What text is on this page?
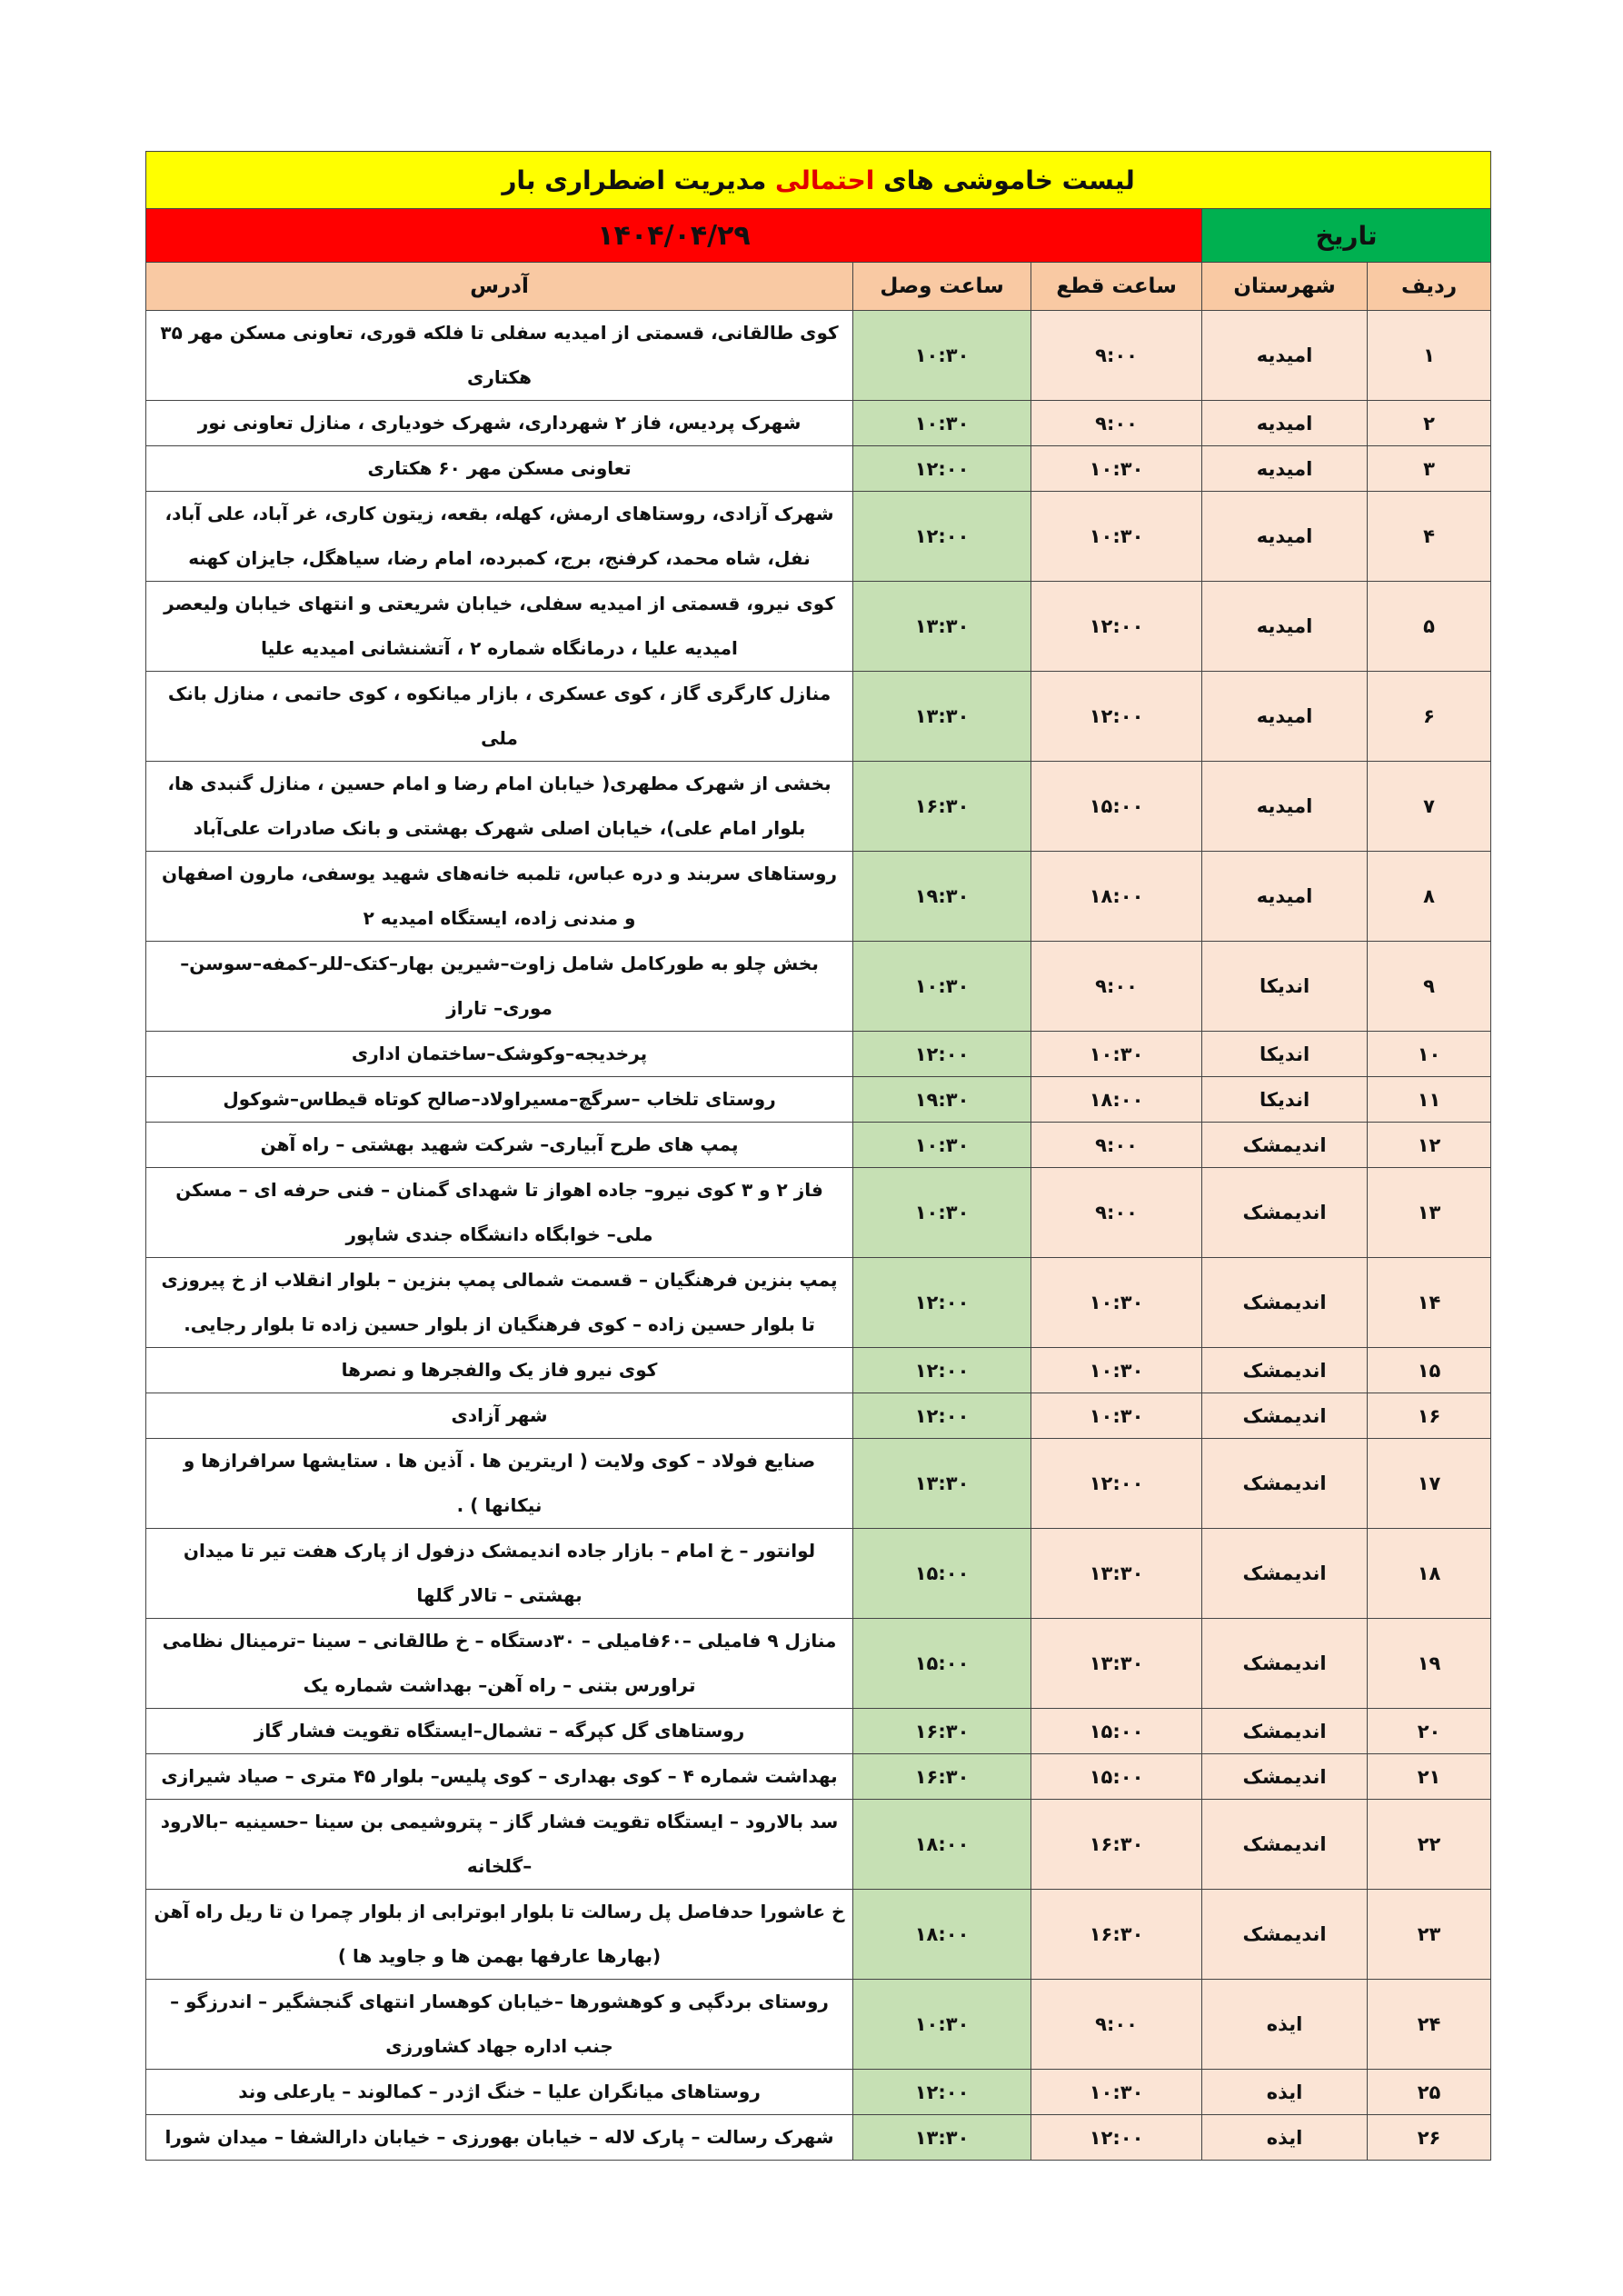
لیست خاموشی های احتمالی مدیریت اضطراری بار				
تاریخ		۱۴۰۴/۰۴/۲۹		
ردیف	شهرستان	ساعت قطع	ساعت وصل	آدرس
۱	امیدیه	۹:۰۰	۱۰:۳۰	کوی طالقانی، قسمتی از امیدیه سفلی تا فلکه قوری، تعاونی مسکن مهر ۳۵ هکتاری
۲	امیدیه	۹:۰۰	۱۰:۳۰	شهرک پردیس، فاز ۲ شهرداری، شهرک خودیاری ، منازل تعاونی نور
۳	امیدیه	۱۰:۳۰	۱۲:۰۰	تعاونی مسکن مهر ۶۰ هکتاری
۴	امیدیه	۱۰:۳۰	۱۲:۰۰	شهرک آزادی، روستاهای ارمش، کهله، بقعه، زیتون کاری، غر آباد، علی آباد، نفل، شاه محمد، کرفنج، برج، کمبرده، امام رضا، سیاهگل، جایزان کهنه
۵	امیدیه	۱۲:۰۰	۱۳:۳۰	کوی نیرو، قسمتی از امیدیه سفلی، خیابان شریعتی و انتهای خیابان ولیعصر امیدیه علیا ، درمانگاه شماره ۲ ، آتشنشانی امیدیه علیا
۶	امیدیه	۱۲:۰۰	۱۳:۳۰	منازل کارگری گاز ، کوی عسکری ، بازار میانکوه ، کوی حاتمی ، منازل بانک ملی
۷	امیدیه	۱۵:۰۰	۱۶:۳۰	بخشی از شهرک مطهری( خیابان امام رضا و امام حسین ، منازل گنبدی ها، بلوار امام علی)، خیابان اصلی شهرک بهشتی و بانک صادرات علی‌آباد
۸	امیدیه	۱۸:۰۰	۱۹:۳۰	روستاهای سربند و دره عباس، تلمبه خانه‌های شهید یوسفی، مارون اصفهان و مندنی زاده، ایستگاه امیدیه ۲
۹	اندیکا	۹:۰۰	۱۰:۳۰	بخش چلو به طورکامل شامل زاوت–شیرین بهار–کتک–للر–کمفه–سوسن–موری– تاراز
۱۰	اندیکا	۱۰:۳۰	۱۲:۰۰	پرخدیجه–وکوشک–ساختمان اداری
۱۱	اندیکا	۱۸:۰۰	۱۹:۳۰	روستای تلخاب –سرگچ–مسیراولاد–صالح کوتاه قیطاس–شوکول
۱۲	اندیمشک	۹:۰۰	۱۰:۳۰	پمپ های طرح آبیاری– شرکت شهید بهشتی – راه آهن
۱۳	اندیمشک	۹:۰۰	۱۰:۳۰	فاز ۲ و ۳ کوی نیرو– جاده اهواز تا شهدای گمنان – فنی حرفه ای – مسکن ملی– خوابگاه دانشگاه جندی شاپور
۱۴	اندیمشک	۱۰:۳۰	۱۲:۰۰	پمپ بنزین فرهنگیان – قسمت شمالی پمپ بنزین – بلوار انقلاب از خ پیروزی تا بلوار حسین زاده – کوی فرهنگیان از بلوار حسین زاده تا بلوار رجایی.
۱۵	اندیمشک	۱۰:۳۰	۱۲:۰۰	کوی نیرو فاز یک والفجرها و نصرها
۱۶	اندیمشک	۱۰:۳۰	۱۲:۰۰	شهر آزادی
۱۷	اندیمشک	۱۲:۰۰	۱۳:۳۰	صنایع فولاد – کوی ولایت ( اریترین ها . آذین ها . ستایشها سرافرازها و نیکانها ) .
۱۸	اندیمشک	۱۳:۳۰	۱۵:۰۰	لوانتور – خ امام – بازار جاده اندیمشک دزفول از پارک هفت تیر تا میدان بهشتی – تالار گلها
۱۹	اندیمشک	۱۳:۳۰	۱۵:۰۰	منازل ۹ فامیلی –۶۰فامیلی – ۳۰دستگاه – خ طالقانی – سینا –ترمینال نظامی تراورس بتنی – راه آهن– بهداشت شماره یک
۲۰	اندیمشک	۱۵:۰۰	۱۶:۳۰	روستاهای گل کپرگه – تشمال–ایستگاه تقویت فشار گاز
۲۱	اندیمشک	۱۵:۰۰	۱۶:۳۰	بهداشت شماره ۴ – کوی بهداری – کوی پلیس– بلوار ۴۵ متری – صیاد شیرازی
۲۲	اندیمشک	۱۶:۳۰	۱۸:۰۰	سد بالارود – ایستگاه تقویت فشار گاز – پتروشیمی بن سینا –حسینیه –بالارود –گلخانه
۲۳	اندیمشک	۱۶:۳۰	۱۸:۰۰	خ عاشورا حدفاصل پل رسالت تا بلوار ابوترابی از بلوار چمرا ن تا ریل راه آهن (بهارها عارفها بهمن ها و جاوید ها )
۲۴	ایذه	۹:۰۰	۱۰:۳۰	روستای بردگپی و کوهشورها –خیابان کوهسار انتهای گنجشگیر – اندرزگو – جنب اداره جهاد کشاورزی
۲۵	ایذه	۱۰:۳۰	۱۲:۰۰	روستاهای میانگران علیا – خنگ اژدر – کمالوند – یارعلی وند
۲۶	ایذه	۱۲:۰۰	۱۳:۳۰	شهرک رسالت – پارک لاله – خیابان بهورزی – خیابان دارالشفا – میدان شورا
